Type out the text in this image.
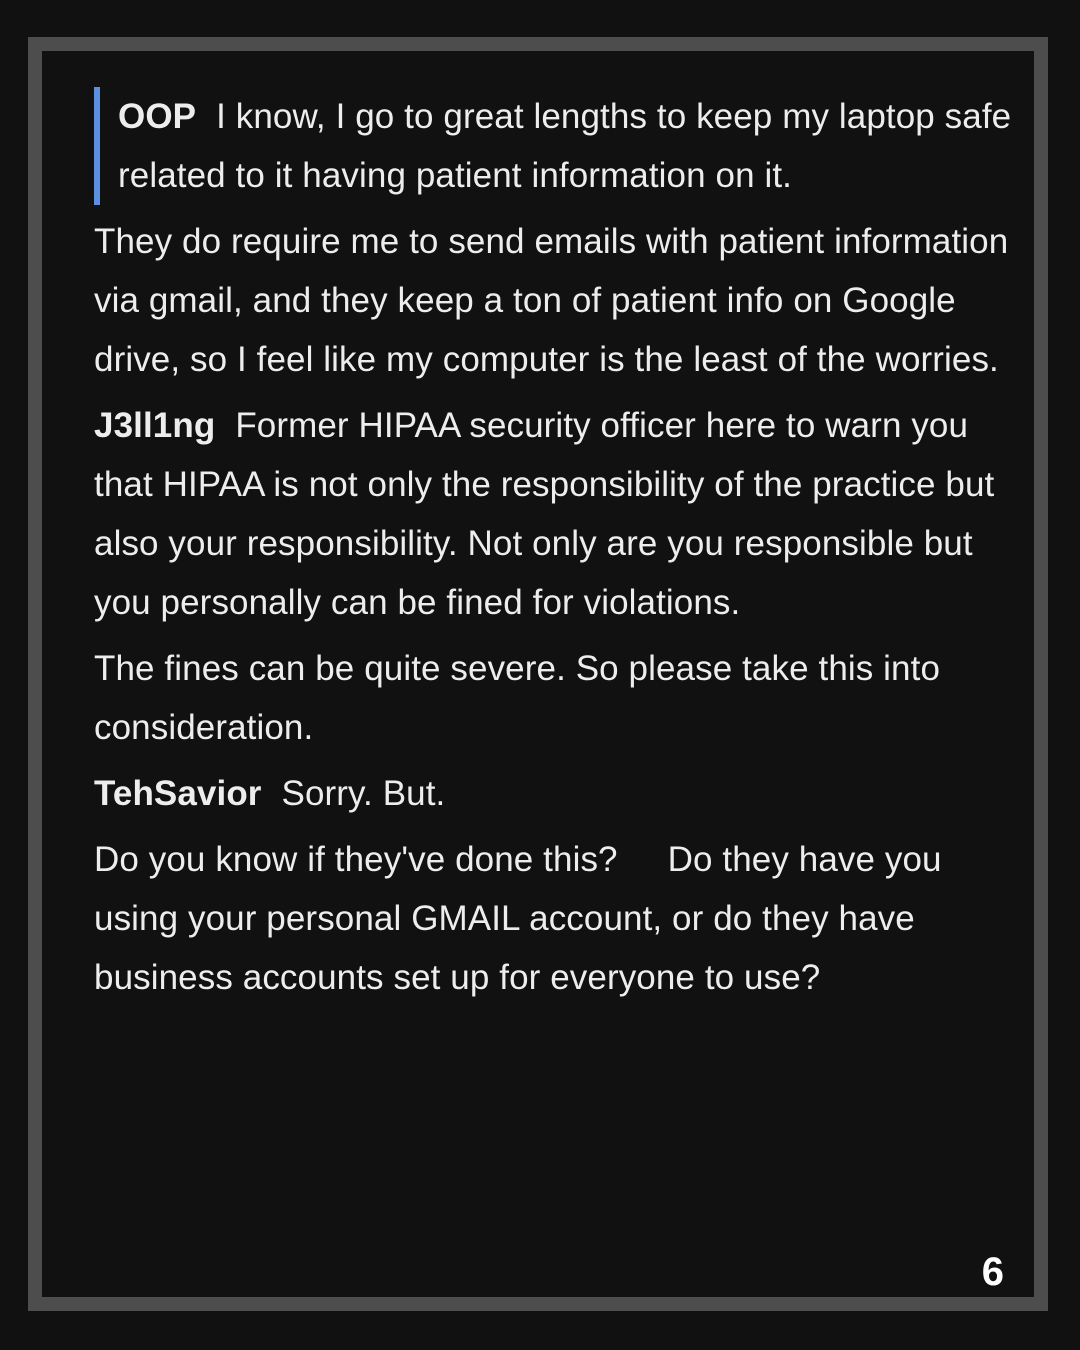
OOP I know, I go to great lengths to keep my laptop safe related to it having patient information on it.
They do require me to send emails with patient information via gmail, and they keep a ton of patient info on Google drive, so I feel like my computer is the least of the worries.
J3ll1ng Former HIPAA security officer here to warn you that HIPAA is not only the responsibility of the practice but also your responsibility. Not only are you responsible but you personally can be fined for violations.
The fines can be quite severe. So please take this into consideration.
TehSavior Sorry. But.
Do you know if they've done this? Do they have you using your personal GMAIL account, or do they have business accounts set up for everyone to use?
6
